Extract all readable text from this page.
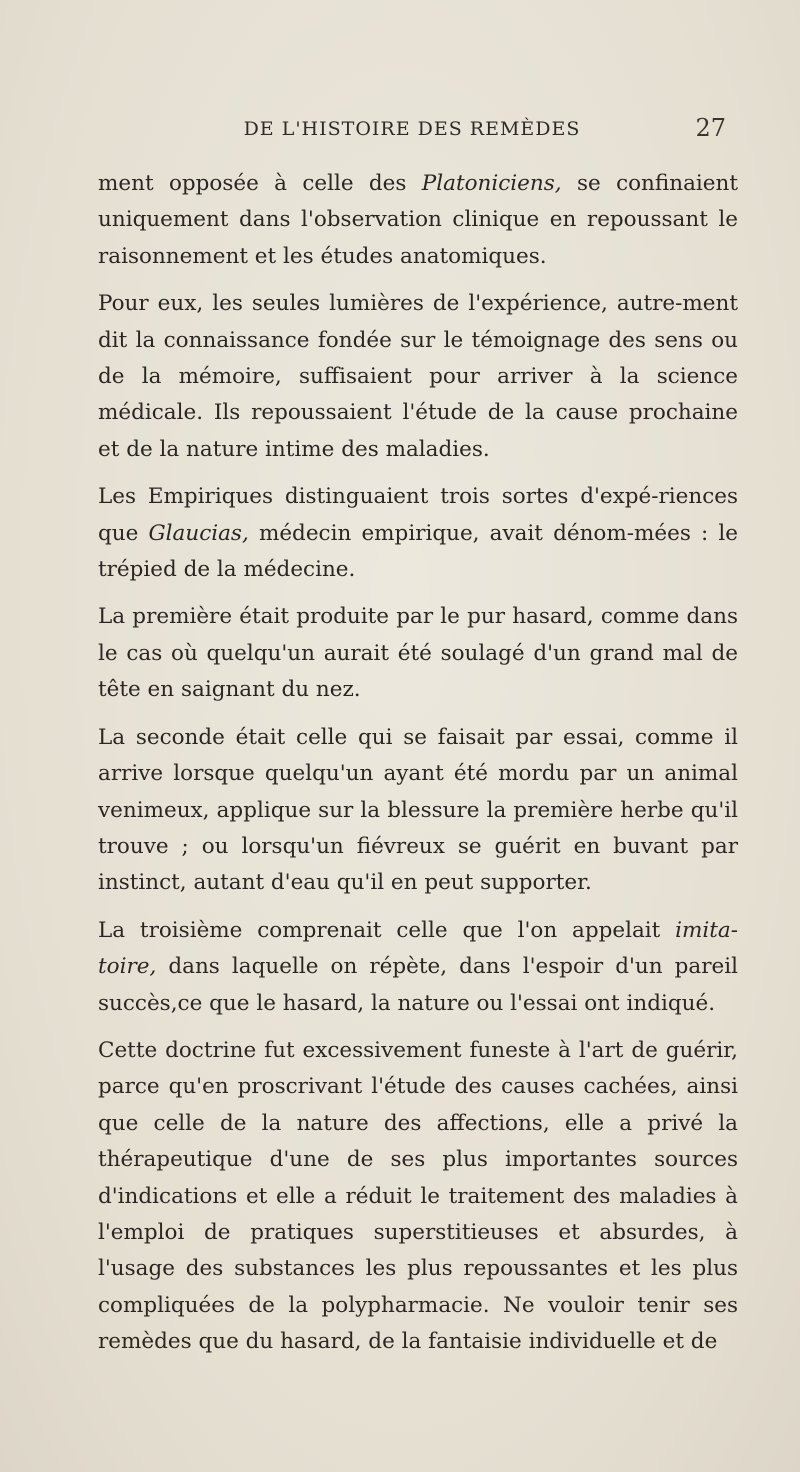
DE L'HISTOIRE DES REMÈDES	27

ment opposée à celle des Platoniciens, se confinaient uniquement dans l'observation clinique en repoussant le raisonnement et les études anatomiques.

Pour eux, les seules lumières de l'expérience, autre-ment dit la connaissance fondée sur le témoignage des sens ou de la mémoire, suffisaient pour arriver à la science médicale. Ils repoussaient l'étude de la cause prochaine et de la nature intime des maladies.

Les Empiriques distinguaient trois sortes d'expé-riences que Glaucias, médecin empirique, avait dénom-mées : le trépied de la médecine.

La première était produite par le pur hasard, comme dans le cas où quelqu'un aurait été soulagé d'un grand mal de tête en saignant du nez.

La seconde était celle qui se faisait par essai, comme il arrive lorsque quelqu'un ayant été mordu par un animal venimeux, applique sur la blessure la première herbe qu'il trouve ; ou lorsqu'un fiévreux se guérit en buvant par instinct, autant d'eau qu'il en peut supporter.

La troisième comprenait celle que l'on appelait imita-toire, dans laquelle on répète, dans l'espoir d'un pareil succès,ce que le hasard, la nature ou l'essai ont indiqué.

Cette doctrine fut excessivement funeste à l'art de guérir, parce qu'en proscrivant l'étude des causes cachées, ainsi que celle de la nature des affections, elle a privé la thérapeutique d'une de ses plus importantes sources d'indications et elle a réduit le traitement des maladies à l'emploi de pratiques superstitieuses et absurdes, à l'usage des substances les plus repoussantes et les plus compliquées de la polypharmacie. Ne vouloir tenir ses remèdes que du hasard, de la fantaisie individuelle et de
